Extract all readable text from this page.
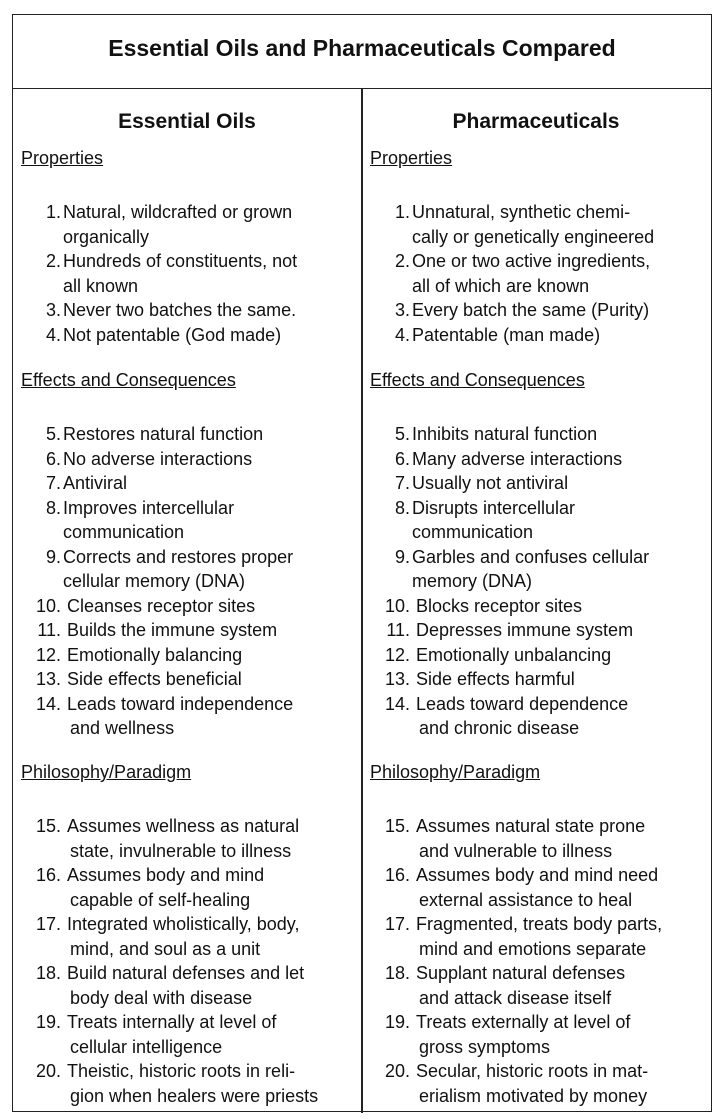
Essential Oils and Pharmaceuticals Compared
Essential Oils
Properties
1. Natural, wildcrafted or grown
organically
2. Hundreds of constituents, not
all known
3. Never two batches the same.
4. Not patentable (God made)
Effects and Consequences
5. Restores natural function
6. No adverse interactions
7. Antiviral
8. Improves intercellular
communication
9. Corrects and restores proper
cellular memory (DNA)
10. Cleanses receptor sites
11. Builds the immune system
12. Emotionally balancing
13. Side effects beneficial
14. Leads toward independence
and wellness
Philosophy/Paradigm
15. Assumes wellness as natural
state, invulnerable to illness
16. Assumes body and mind
capable of self-healing
17. Integrated wholistically, body,
mind, and soul as a unit
18. Build natural defenses and let
body deal with disease
19. Treats internally at level of
cellular intelligence
20. Theistic, historic roots in reli-
gion when healers were priests
Pharmaceuticals
Properties
1. Unnatural, synthetic chemi-
cally or genetically engineered
2. One or two active ingredients,
all of which are known
3. Every batch the same (Purity)
4. Patentable (man made)
Effects and Consequences
5. Inhibits natural function
6. Many adverse interactions
7. Usually not antiviral
8. Disrupts intercellular
communication
9. Garbles and confuses cellular
memory (DNA)
10. Blocks receptor sites
11. Depresses immune system
12. Emotionally unbalancing
13. Side effects harmful
14. Leads toward dependence
and chronic disease
Philosophy/Paradigm
15. Assumes natural state prone
and vulnerable to illness
16. Assumes body and mind need
external assistance to heal
17. Fragmented, treats body parts,
mind and emotions separate
18. Supplant natural defenses
and attack disease itself
19. Treats externally at level of
gross symptoms
20. Secular, historic roots in mat-
erialism motivated by money
